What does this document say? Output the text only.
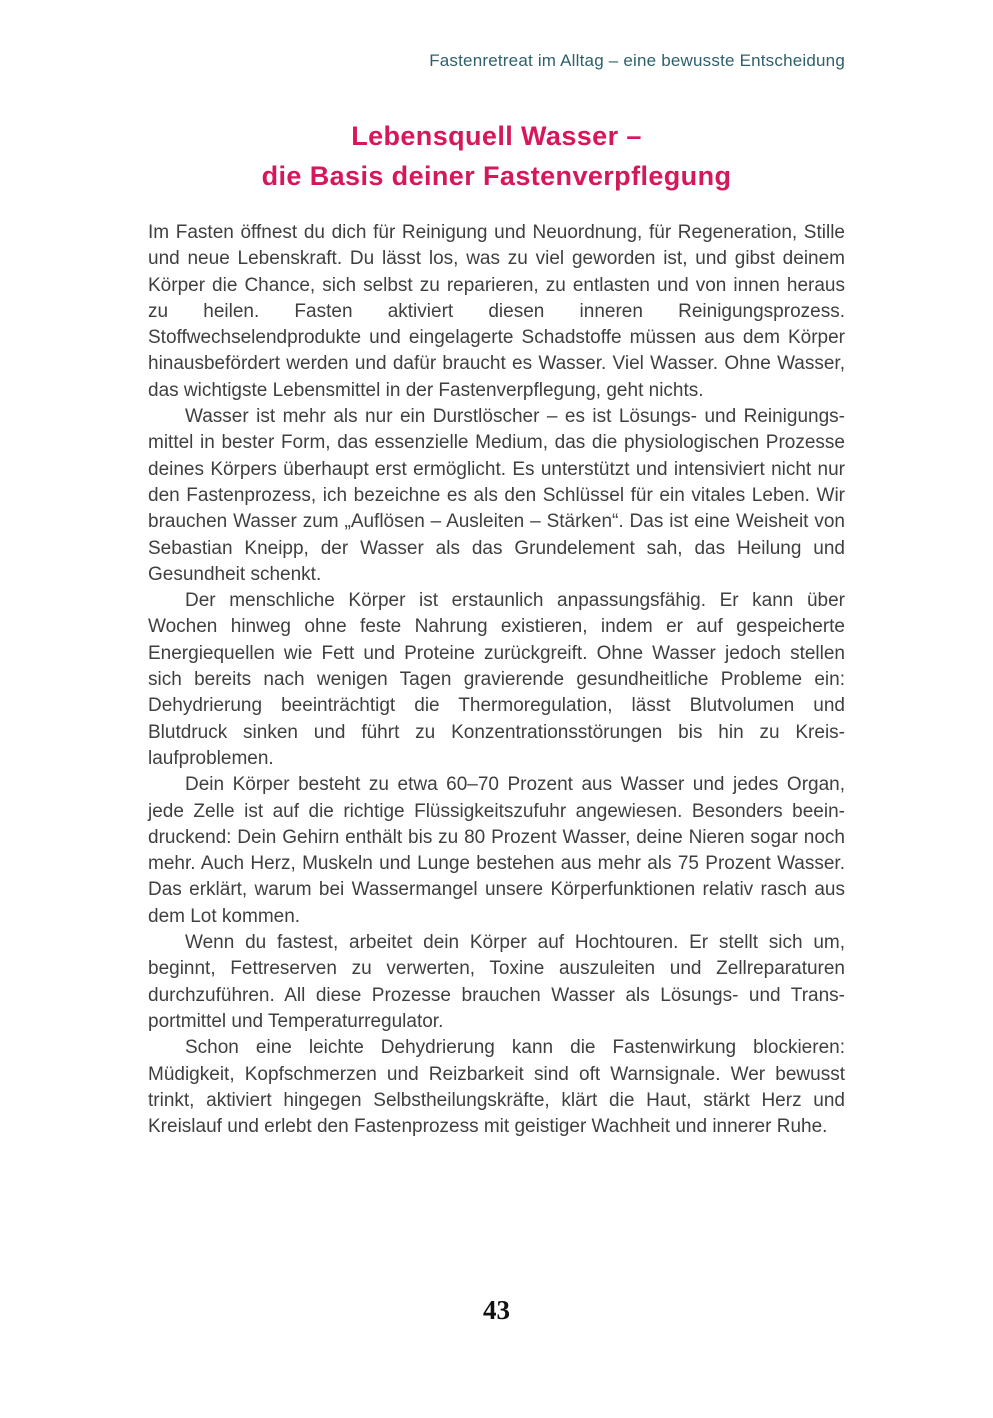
Fastenretreat im Alltag – eine bewusste Entscheidung
Lebensquell Wasser –
die Basis deiner Fastenverpflegung

Im Fasten öffnest du dich für Reinigung und Neuordnung, für Regeneration, Stille und neue Lebenskraft. Du lässt los, was zu viel geworden ist, und gibst deinem Körper die Chance, sich selbst zu reparieren, zu entlasten und von innen heraus zu heilen. Fasten aktiviert diesen inneren Reinigungsprozess. Stoffwechselendprodukte und eingelagerte Schadstoffe müssen aus dem Körper hinausbefördert werden und dafür braucht es Wasser. Viel Wasser. Ohne Wasser, das wichtigste Lebensmittel in der Fastenverpflegung, geht nichts.

Wasser ist mehr als nur ein Durstlöscher – es ist Lösungs- und Reinigungsmittel in bester Form, das essenzielle Medium, das die physiologischen Prozesse deines Körpers überhaupt erst ermöglicht. Es unterstützt und intensiviert nicht nur den Fastenprozess, ich bezeichne es als den Schlüssel für ein vitales Leben. Wir brauchen Wasser zum „Auflösen – Ausleiten – Stärken“. Das ist eine Weisheit von Sebastian Kneipp, der Wasser als das Grundelement sah, das Heilung und Gesundheit schenkt.

Der menschliche Körper ist erstaunlich anpassungsfähig. Er kann über Wochen hinweg ohne feste Nahrung existieren, indem er auf gespeicherte Energiequellen wie Fett und Proteine zurückgreift. Ohne Wasser jedoch stellen sich bereits nach wenigen Tagen gravierende gesundheitliche Probleme ein: Dehydrierung beeinträchtigt die Thermoregulation, lässt Blutvolumen und Blutdruck sinken und führt zu Konzentrationsstörungen bis hin zu Kreislaufproblemen.

Dein Körper besteht zu etwa 60–70 Prozent aus Wasser und jedes Organ, jede Zelle ist auf die richtige Flüssigkeitszufuhr angewiesen. Besonders beeindruckend: Dein Gehirn enthält bis zu 80 Prozent Wasser, deine Nieren sogar noch mehr. Auch Herz, Muskeln und Lunge bestehen aus mehr als 75 Prozent Wasser. Das erklärt, warum bei Wassermangel unsere Körperfunktionen relativ rasch aus dem Lot kommen.

Wenn du fastest, arbeitet dein Körper auf Hochtouren. Er stellt sich um, beginnt, Fettreserven zu verwerten, Toxine auszuleiten und Zellreparaturen durchzuführen. All diese Prozesse brauchen Wasser als Lösungs- und Transportmittel und Temperaturregulator.

Schon eine leichte Dehydrierung kann die Fastenwirkung blockieren: Müdigkeit, Kopfschmerzen und Reizbarkeit sind oft Warnsignale. Wer bewusst trinkt, aktiviert hingegen Selbstheilungskräfte, klärt die Haut, stärkt Herz und Kreislauf und erlebt den Fastenprozess mit geistiger Wachheit und innerer Ruhe.

43
